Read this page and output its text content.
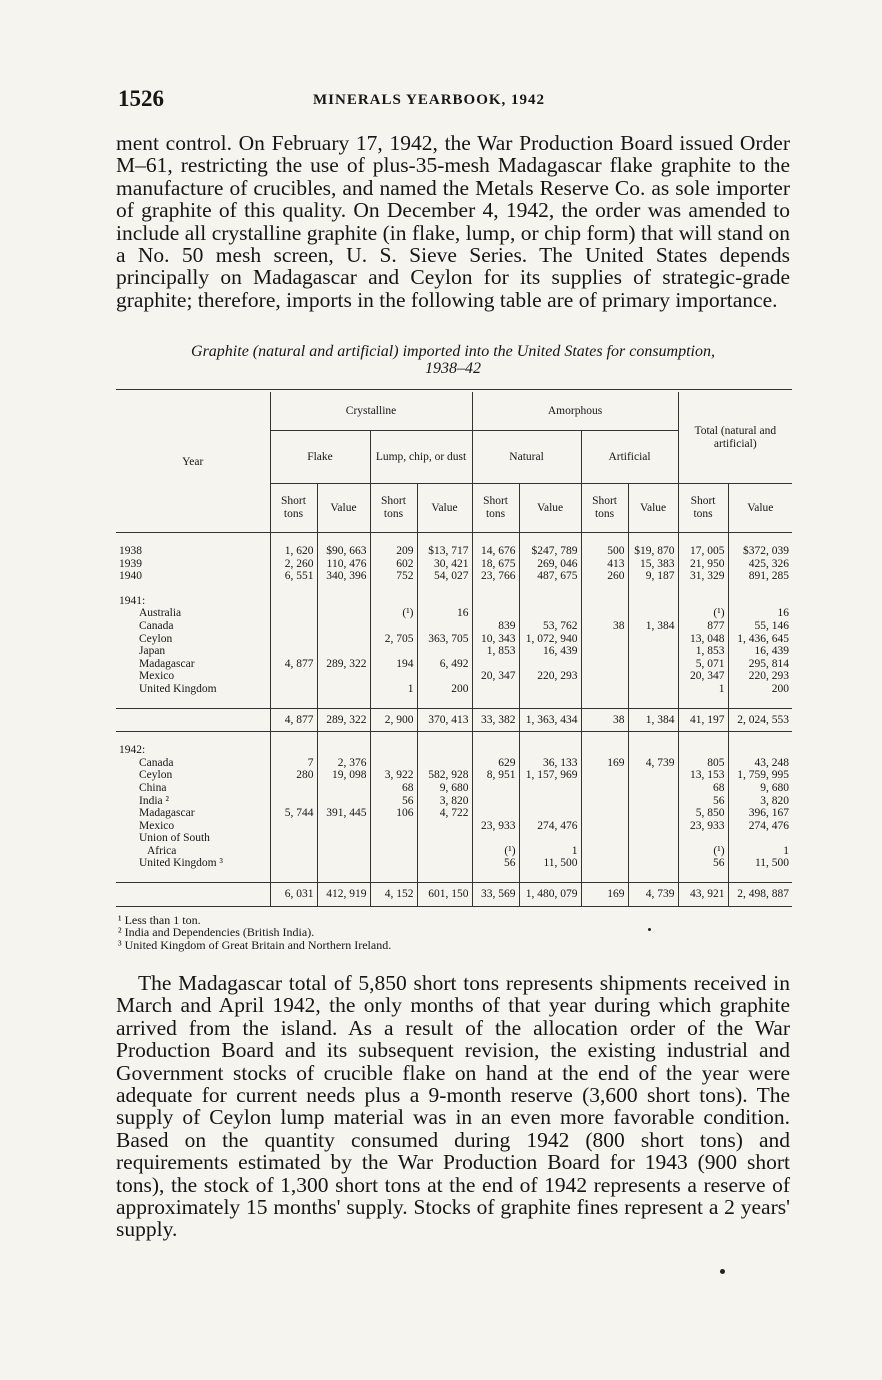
1526	MINERALS YEARBOOK, 1942
ment control. On February 17, 1942, the War Production Board issued Order M–61, restricting the use of plus-35-mesh Madagascar flake graphite to the manufacture of crucibles, and named the Metals Reserve Co. as sole importer of graphite of this quality. On December 4, 1942, the order was amended to include all crystalline graphite (in flake, lump, or chip form) that will stand on a No. 50 mesh screen, U. S. Sieve Series. The United States depends principally on Madagascar and Ceylon for its supplies of strategic-grade graphite; therefore, imports in the following table are of primary importance.
Graphite (natural and artificial) imported into the United States for consumption,
1938–42
Year	Crystalline				Amorphous				Total (natural and artificial)	
	Flake		Lump, chip, or dust		Natural		Artificial			
	Short tons	Value	Short tons	Value	Short tons	Value	Short tons	Value	Short tons	Value

1938	1, 620	$90, 663	209	$13, 717	14, 676	$247, 789	500	$19, 870	17, 005	$372, 039
1939	2, 260	110, 476	602	30, 421	18, 675	269, 046	413	15, 383	21, 950	425, 326
1940	6, 551	340, 396	752	54, 027	23, 766	487, 675	260	9, 187	31, 329	891, 285

1941:										
Australia			(¹)	16					(¹)	16
Canada					839	53, 762	38	1, 384	877	55, 146
Ceylon			2, 705	363, 705	10, 343	1, 072, 940			13, 048	1, 436, 645
Japan					1, 853	16, 439			1, 853	16, 439
Madagascar	4, 877	289, 322	194	6, 492					5, 071	295, 814
Mexico					20, 347	220, 293			20, 347	220, 293
United Kingdom			1	200					1	200

	4, 877	289, 322	2, 900	370, 413	33, 382	1, 363, 434	38	1, 384	41, 197	2, 024, 553

1942:										
Canada	7	2, 376			629	36, 133	169	4, 739	805	43, 248
Ceylon	280	19, 098	3, 922	582, 928	8, 951	1, 157, 969			13, 153	1, 759, 995
China			68	9, 680					68	9, 680
India ²			56	3, 820					56	3, 820
Madagascar	5, 744	391, 445	106	4, 722					5, 850	396, 167
Mexico					23, 933	274, 476			23, 933	274, 476
Union of South										
Africa					(¹)	1			(¹)	1
United Kingdom ³					56	11, 500			56	11, 500

	6, 031	412, 919	4, 152	601, 150	33, 569	1, 480, 079	169	4, 739	43, 921	2, 498, 887
¹ Less than 1 ton.
² India and Dependencies (British India).
³ United Kingdom of Great Britain and Northern Ireland.
The Madagascar total of 5,850 short tons represents shipments received in March and April 1942, the only months of that year during which graphite arrived from the island. As a result of the allocation order of the War Production Board and its subsequent revision, the existing industrial and Government stocks of crucible flake on hand at the end of the year were adequate for current needs plus a 9-month reserve (3,600 short tons). The supply of Ceylon lump material was in an even more favorable condition. Based on the quantity consumed during 1942 (800 short tons) and requirements estimated by the War Production Board for 1943 (900 short tons), the stock of 1,300 short tons at the end of 1942 represents a reserve of approximately 15 months' supply. Stocks of graphite fines represent a 2 years' supply.
